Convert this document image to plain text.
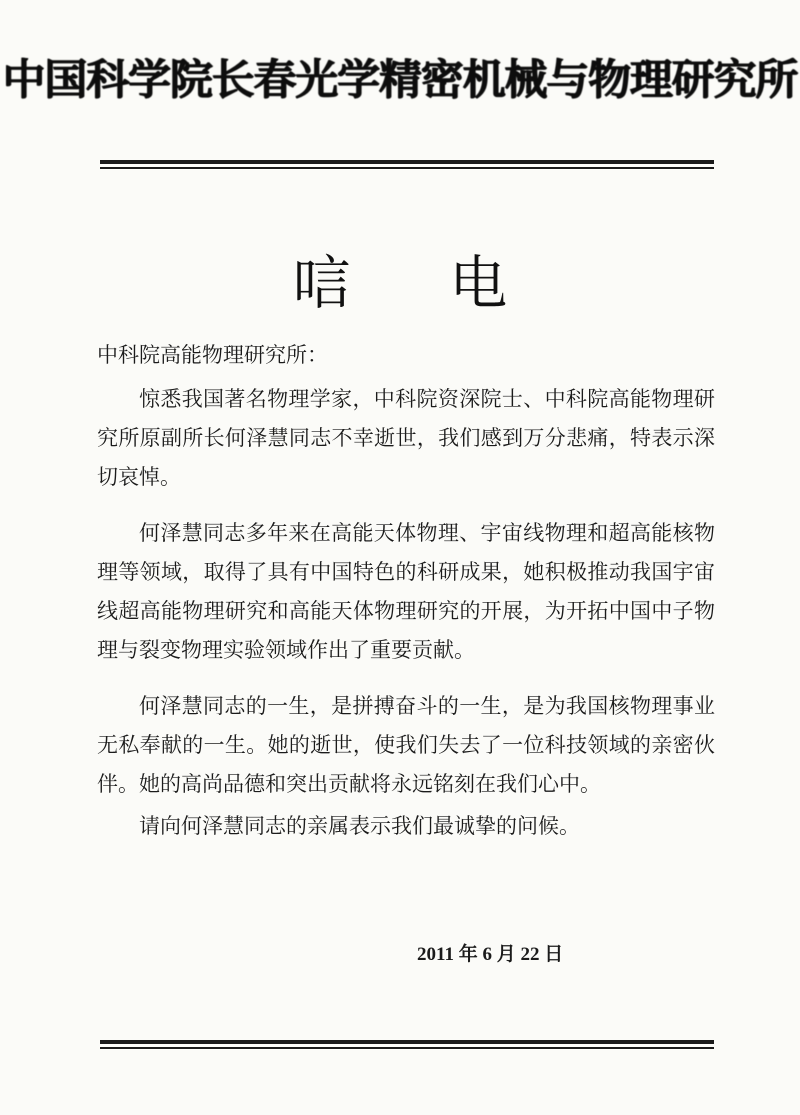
中国科学院长春光学精密机械与物理研究所
唁 电
中科院高能物理研究所：
惊悉我国著名物理学家，中科院资深院士、中科院高能物理研究所原副所长何泽慧同志不幸逝世，我们感到万分悲痛，特表示深切哀悼。
何泽慧同志多年来在高能天体物理、宇宙线物理和超高能核物理等领域，取得了具有中国特色的科研成果，她积极推动我国宇宙线超高能物理研究和高能天体物理研究的开展，为开拓中国中子物理与裂变物理实验领域作出了重要贡献。
何泽慧同志的一生，是拼搏奋斗的一生，是为我国核物理事业无私奉献的一生。她的逝世，使我们失去了一位科技领域的亲密伙伴。她的高尚品德和突出贡献将永远铭刻在我们心中。
请向何泽慧同志的亲属表示我们最诚挚的问候。
2011 年 6 月 22 日
